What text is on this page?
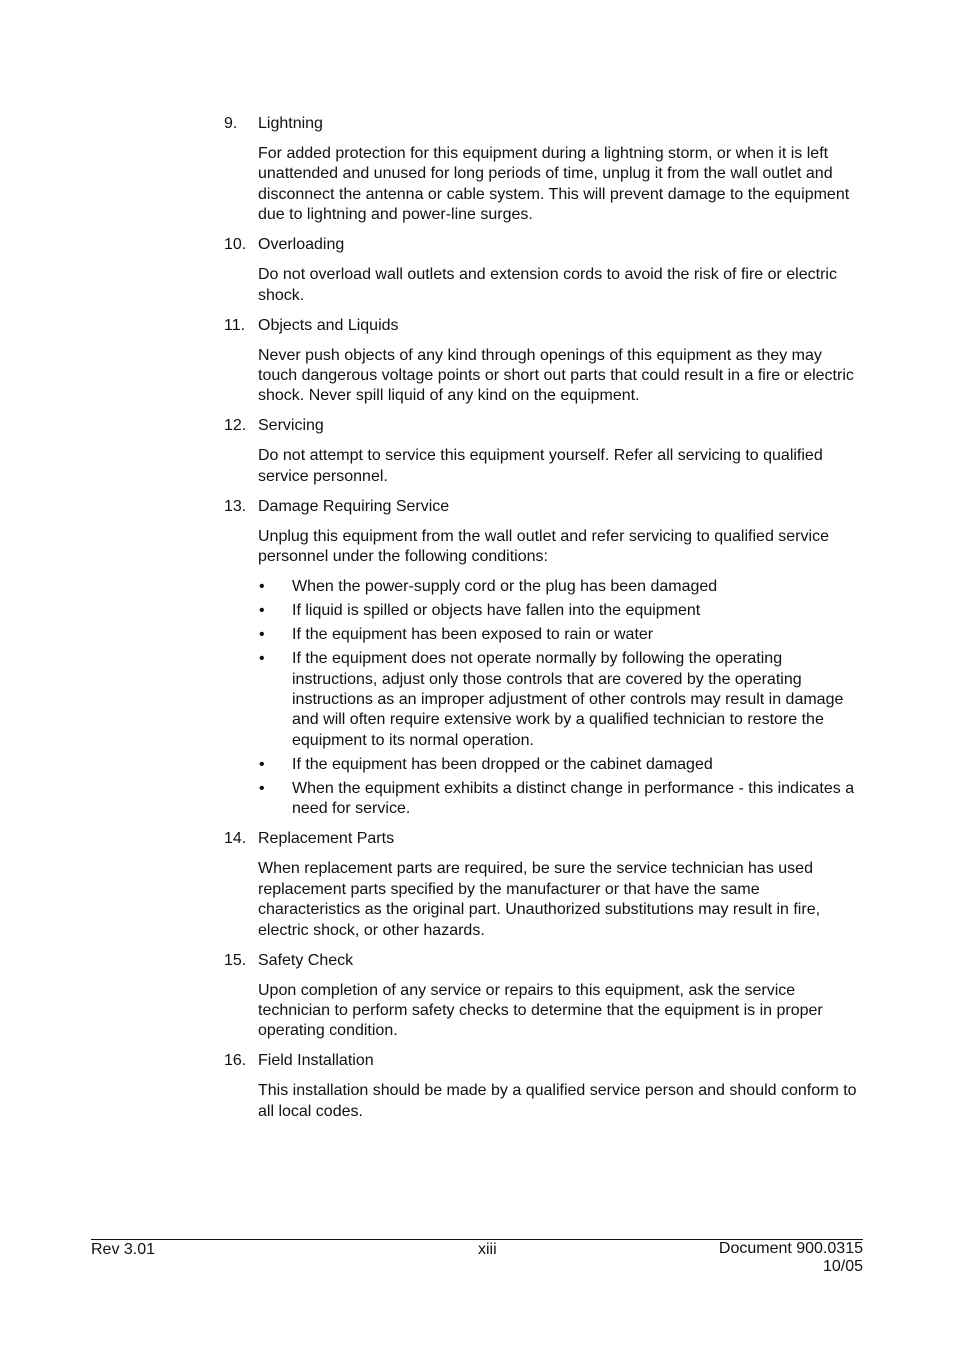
9.	Lightning
For added protection for this equipment during a lightning storm, or when it is left unattended and unused for long periods of time, unplug it from the wall outlet and disconnect the antenna or cable system. This will prevent damage to the equipment due to lightning and power-line surges.
10. Overloading
Do not overload wall outlets and extension cords to avoid the risk of fire or electric shock.
11. Objects and Liquids
Never push objects of any kind through openings of this equipment as they may touch dangerous voltage points or short out parts that could result in a fire or electric shock. Never spill liquid of any kind on the equipment.
12. Servicing
Do not attempt to service this equipment yourself. Refer all servicing to qualified service personnel.
13. Damage Requiring Service
Unplug this equipment from the wall outlet and refer servicing to qualified service personnel under the following conditions:
•	When the power-supply cord or the plug has been damaged
•	If liquid is spilled or objects have fallen into the equipment
•	If the equipment has been exposed to rain or water
•	If the equipment does not operate normally by following the operating instructions, adjust only those controls that are covered by the operating instructions as an improper adjustment of other controls may result in damage and will often require extensive work by a qualified technician to restore the equipment to its normal operation.
•	If the equipment has been dropped or the cabinet damaged
•	When the equipment exhibits a distinct change in performance - this indicates a need for service.
14. Replacement Parts
When replacement parts are required, be sure the service technician has used replacement parts specified by the manufacturer or that have the same characteristics as the original part. Unauthorized substitutions may result in fire, electric shock, or other hazards.
15. Safety Check
Upon completion of any service or repairs to this equipment, ask the service technician to perform safety checks to determine that the equipment is in proper operating condition.
16. Field Installation
This installation should be made by a qualified service person and should conform to all local codes.
Rev 3.01	xiii	Document 900.0315
10/05
